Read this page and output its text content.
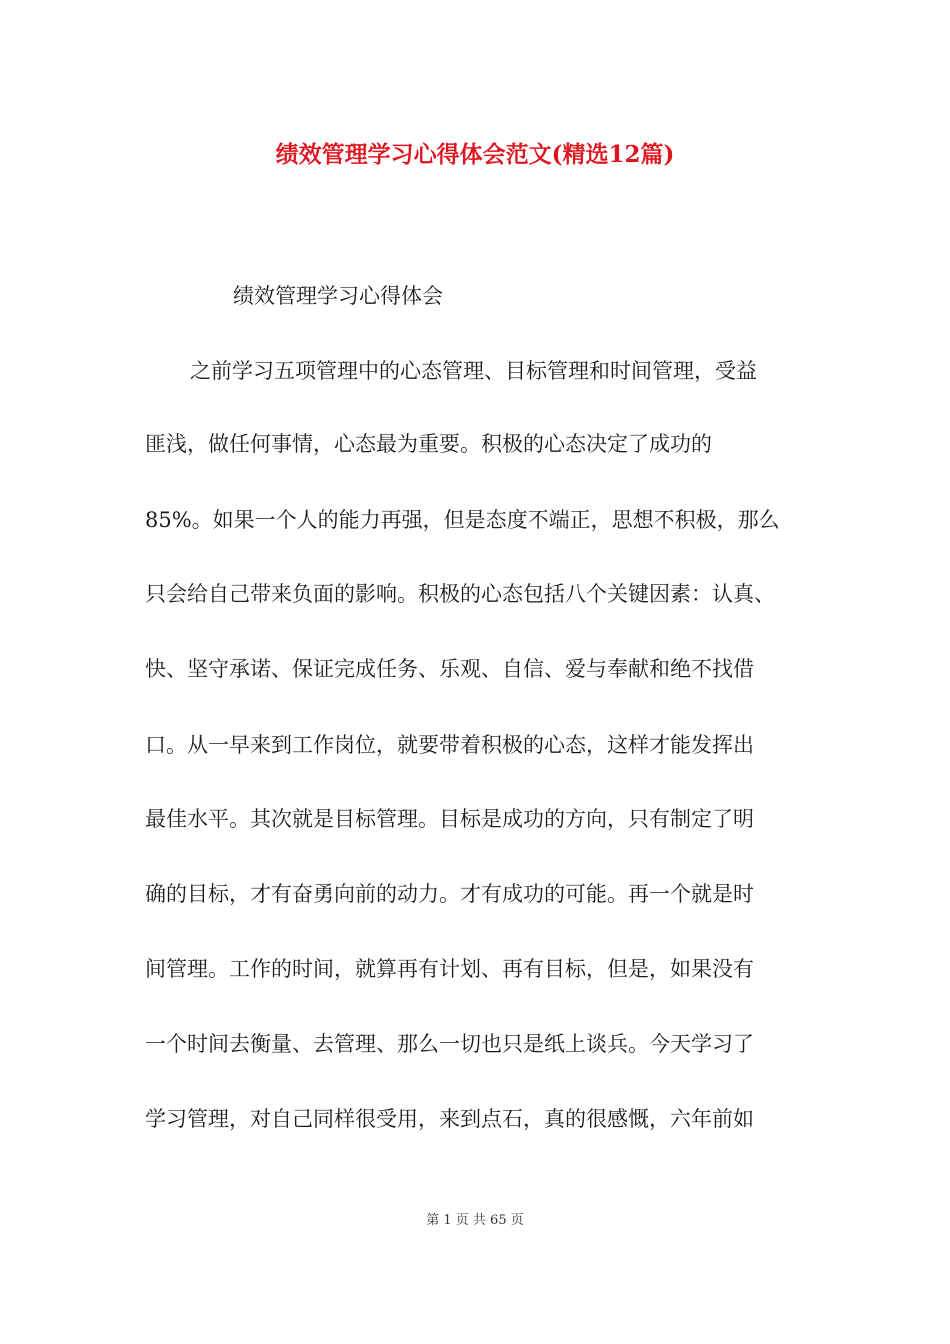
绩效管理学习心得体会范文(精选12篇)
绩效管理学习心得体会
之前学习五项管理中的心态管理、目标管理和时间管理，受益
匪浅，做任何事情，心态最为重要。积极的心态决定了成功的
85%。如果一个人的能力再强，但是态度不端正，思想不积极，那么
只会给自己带来负面的影响。积极的心态包括八个关键因素：认真、
快、坚守承诺、保证完成任务、乐观、自信、爱与奉献和绝不找借
口。从一早来到工作岗位，就要带着积极的心态，这样才能发挥出
最佳水平。其次就是目标管理。目标是成功的方向，只有制定了明
确的目标，才有奋勇向前的动力。才有成功的可能。再一个就是时
间管理。工作的时间，就算再有计划、再有目标，但是，如果没有
一个时间去衡量、去管理、那么一切也只是纸上谈兵。今天学习了
学习管理，对自己同样很受用，来到点石，真的很感慨，六年前如
第 1 页 共 65 页
